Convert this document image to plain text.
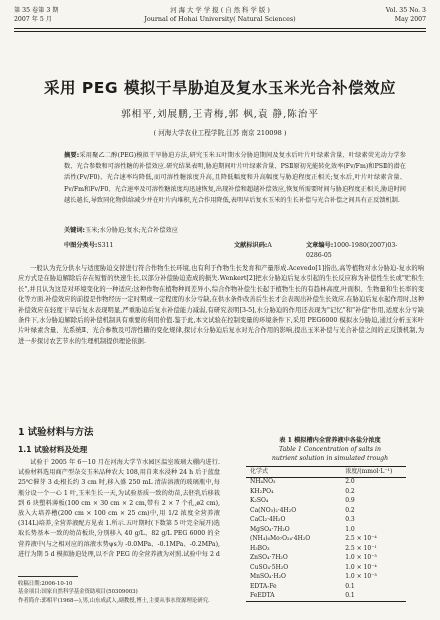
第 35 卷第 3 期
2007 年 5 月
河 海 大 学 学 报 ( 自 然 科 学 版 )
Journal of Hohai University( Natural Sciences)
Vol. 35 No. 3
May 2007
采用 PEG 模拟干旱胁迫及复水玉米光合补偿效应
郭相平,刘展鹏,王青梅,郭 枫,袁 静,陈治平
( 河海大学农业工程学院,江苏 南京 210098 )
摘要:采用聚乙二醇(PEG)模拟干旱胁迫方法,研究玉米五叶期水分胁迫期间及复水后叶片叶绿素含量、叶绿素荧光动力学参数、光合参数和可溶性糖的补偿效应.研究结果表明,胁迫期间叶片叶绿素含量、PSⅡ原初光能转化效率(Fv/Fm)和PSⅡ的潜在活性(Fv/F0)、光合速率均降低,而可溶性糖浓度升高,且降低幅度和升高幅度与胁迫程度正相关;复水后,叶片叶绿素含量、Fv/Fm和Fv/F0、光合速率及可溶性糖浓度均迅速恢复,出现补偿和超越补偿效应,恢复所需要时间与胁迫程度正相关,胁迫时间越长越长,导致同化物供给减少并在叶片内堆积,光合作用降低,表明早后复水玉米的生长补偿与光合补偿之间具有正反馈机制.
关键词:玉米;水分胁迫;复水;光合补偿效应
中图分类号:S311	文献标识码:A	文章编号:1000-1980(2007)03-0286-05
一般认为充分供水与适度胁迫交替进行符合作物生长环境,也有利于作物生长发育和产量形成.Acevedo[1]指出,高等植物对水分胁迫-复水的响应方式是在胁迫解除后存在短暂的快速生长,以部分补偿胁迫造成的损失.Wenkert[2]把水分胁迫后复水引起的生长反应称为补偿性生长或"贮积生长",并且认为这是对环境变化的一种适应;这种作物在植物种间差异小,综合作物补偿生长起于植物生长的有趋林高度,叶面积、生物量和生长率的变化等方面.补偿效应的前提是作物经历一定时期或一定程度的水分亏缺,在供水条件改善后生长才会表现出补偿生长效应.在胁迫后复水起作用时,这种补偿效应在轻度干旱后复水表现明显,严重胁迫后复水补偿能力减弱,有研究表明[3-5],水分胁迫的作用还表现为"记忆"和"补偿"作用,适度水分亏缺条件下,水分胁迫解除后的补偿机制具有重要的利用价值.鉴于此,本文试验在控制变量的环境条件下,采用 PEG6000 模拟水分胁迫,通过分析玉米叶片叶绿素含量、光系统Ⅱ、光合参数及可溶性糖的变化规律,探讨水分胁迫后复水对光合作用的影响,提出玉米补偿与光合补偿之间的正反馈机制,为进一步探讨农艺节水的生理机制提供理论依据.
1 试验材料与方法
1.1 试验材料及处理
试验于 2005 年 6～10 月在河海大学节水园区温室玻璃大棚内进行.试验材料选用商产型杂交玉米品种农大 108,用自来水浸种 24 h 后于蓝盘 25℃催芽 3 d;根长约 3 cm 时,移入盛 250 mL 清洁溶液的玻璃瓶中,每瓶分设一个一心 1 叶,玉米生长一天,为试验基质一致的幼苗,去胚乳后移栽到 6 块塑料薄板(100 cm × 30 cm × 2 cm,带有 2 × 7 个孔,ø2 cm),放入大培养槽(200 cm × 100 cm × 25 cm)中,用 1/2 浓度全营养液(314L)培养,全营养液配方见表 1.所示.五叶期时(下数第 5 叶完全展开)选取长势基本一致的幼苗板块,分别移入 40 g/L、82 g/L PEG 6000 的全营养液中(与之相对应的溶液水势ψs为 -0.0MPa、-0.1MPa、-0.2MPa),进行为期 5 d 模拟胁迫处理,以不含 PEG 的全营养液为对照.试验中每 2 d
收稿日期:2006-10-10
基金项目:国家自然科学基金资助项目(50309003)
作者简介:郭相平(1968—),男,山东成武人,副教授,博士,主要从事水资源理论研究.
表 1 模拟槽内全营养液中各盐分浓度
Table 1 Concentration of salts in
nutrient solution in simulated trough
化学式	浓度/(mmol·L⁻¹)
NH₄NO₃	2.0
KH₂PO₄	0.2
K₂SO₄	0.9
Ca(NO₃)₂·4H₂O	0.2
CaCl₂·4H₂O	0.3
MgSO₄·7H₂O	1.0
(NH₄)₆Mo₇O₂₄·4H₂O	2.5 × 10⁻⁴
H₃BO₃	2.5 × 10⁻¹
ZnSO₄·7H₂O	1.0 × 10⁻³
CuSO₄·5H₂O	1.0 × 10⁻⁴
MnSO₄·H₂O	1.0 × 10⁻³
EDTA-Fe	0.1
FeEDTA	0.1
